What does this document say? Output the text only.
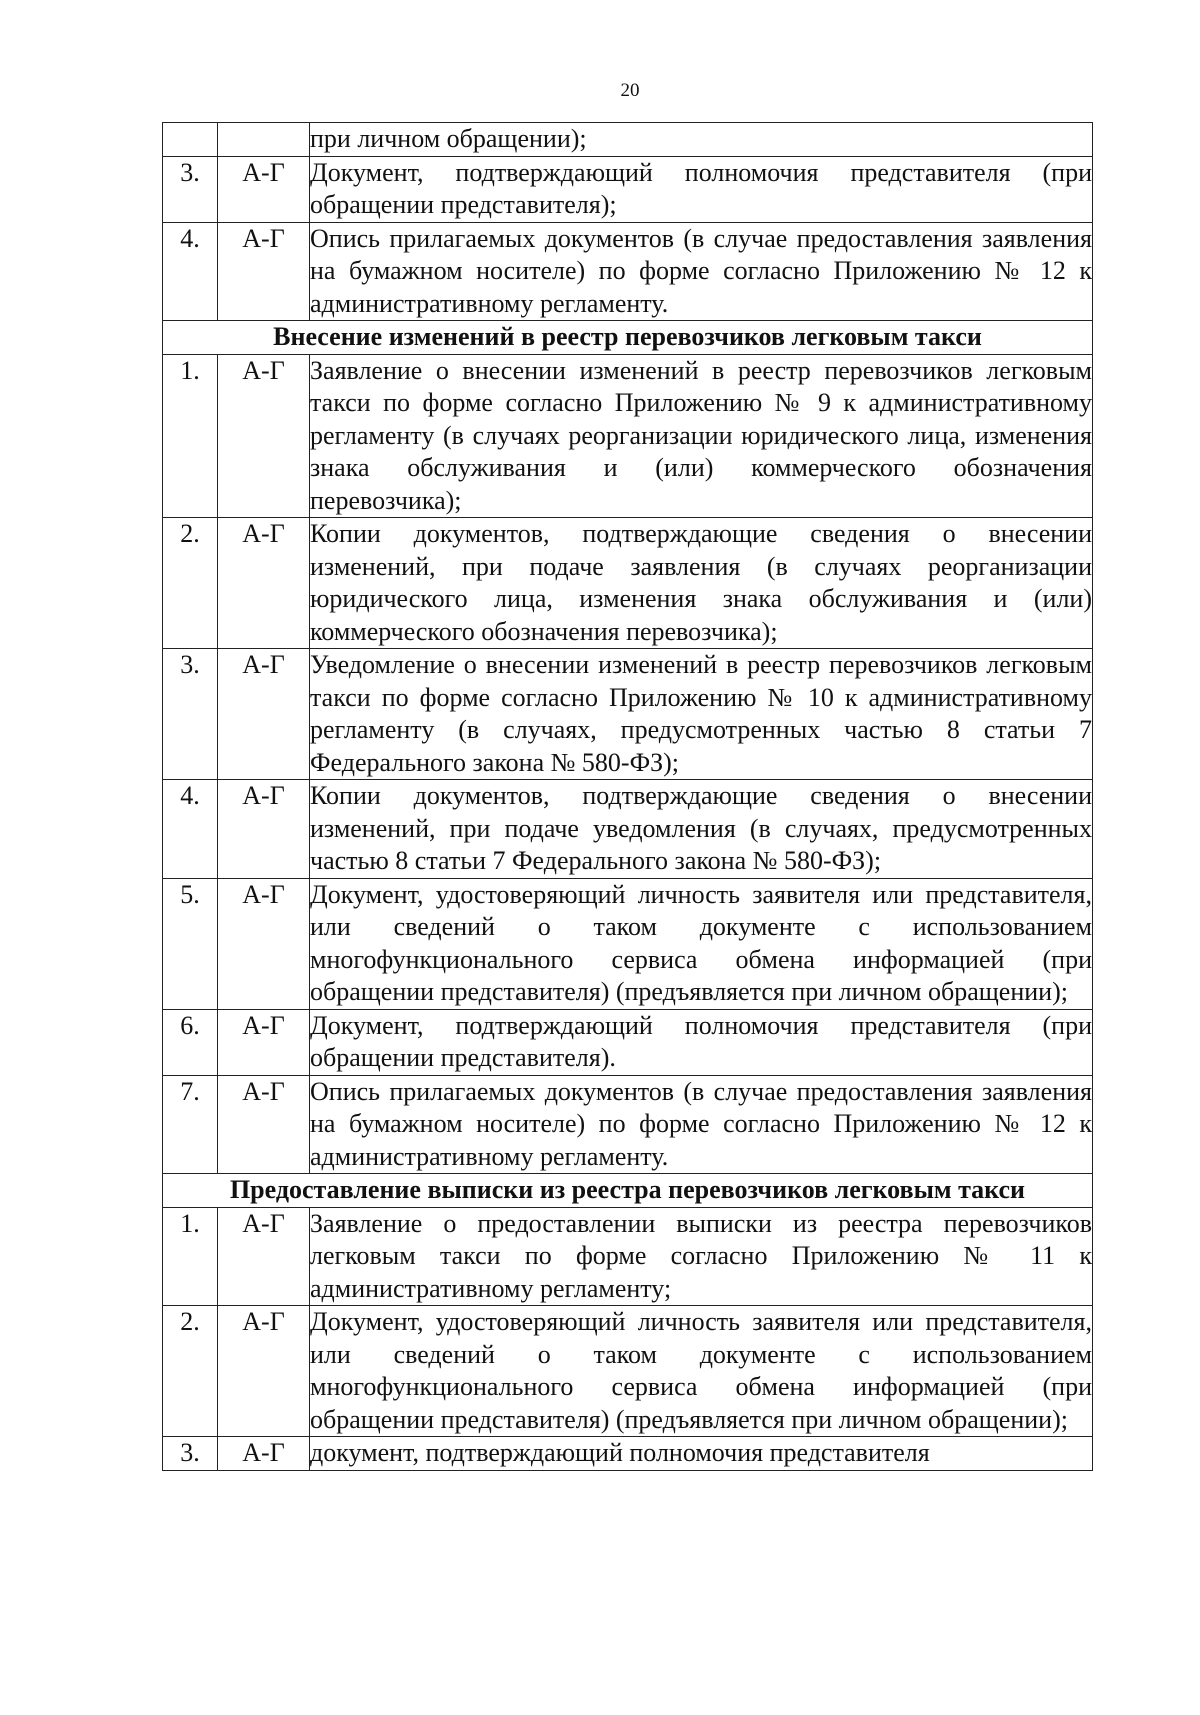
20
		при личном обращении);
3.	А-Г	Документ, подтверждающий полномочия представителя (при обращении представителя);
4.	А-Г	Опись прилагаемых документов (в случае предоставления заявления на бумажном носителе) по форме согласно Приложению № 12 к административному регламенту.
Внесение изменений в реестр перевозчиков легковым такси		
1.	А-Г	Заявление о внесении изменений в реестр перевозчиков легковым такси по форме согласно Приложению № 9 к административному регламенту (в случаях реорганизации юридического лица, изменения знака обслуживания и (или) коммерческого обозначения перевозчика);
2.	А-Г	Копии документов, подтверждающие сведения о внесении изменений, при подаче заявления (в случаях реорганизации юридического лица, изменения знака обслуживания и (или) коммерческого обозначения перевозчика);
3.	А-Г	Уведомление о внесении изменений в реестр перевозчиков легковым такси по форме согласно Приложению № 10 к административному регламенту (в случаях, предусмотренных частью 8 статьи 7 Федерального закона № 580-ФЗ);
4.	А-Г	Копии документов, подтверждающие сведения о внесении изменений, при подаче уведомления (в случаях, предусмотренных частью 8 статьи 7 Федерального закона № 580-ФЗ);
5.	А-Г	Документ, удостоверяющий личность заявителя или представителя, или сведений о таком документе с использованием многофункционального сервиса обмена информацией (при обращении представителя) (предъявляется при личном обращении);
6.	А-Г	Документ, подтверждающий полномочия представителя (при обращении представителя).
7.	А-Г	Опись прилагаемых документов (в случае предоставления заявления на бумажном носителе) по форме согласно Приложению № 12 к административному регламенту.
Предоставление выписки из реестра перевозчиков легковым такси		
1.	А-Г	Заявление о предоставлении выписки из реестра перевозчиков легковым такси по форме согласно Приложению № 11 к административному регламенту;
2.	А-Г	Документ, удостоверяющий личность заявителя или представителя, или сведений о таком документе с использованием многофункционального сервиса обмена информацией (при обращении представителя) (предъявляется при личном обращении);
3.	А-Г	документ, подтверждающий полномочия представителя
